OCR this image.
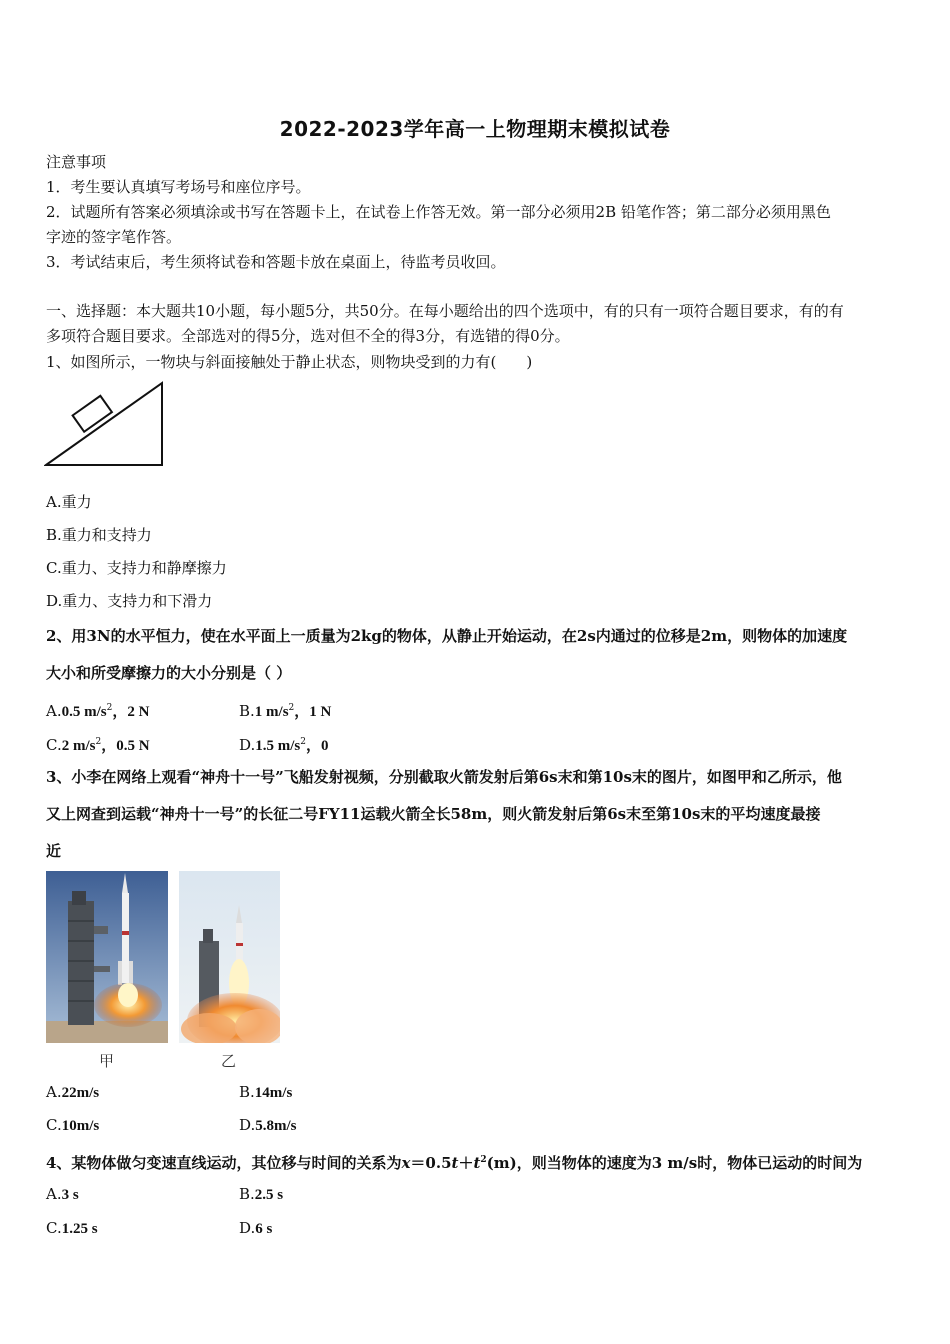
2022-2023学年高一上物理期末模拟试卷
注意事项
1．考生要认真填写考场号和座位序号。
2．试题所有答案必须填涂或书写在答题卡上，在试卷上作答无效。第一部分必须用2B 铅笔作答；第二部分必须用黑色
字迹的签字笔作答。
3．考试结束后，考生须将试卷和答题卡放在桌面上，待监考员收回。
一、选择题：本大题共10小题，每小题5分，共50分。在每小题给出的四个选项中，有的只有一项符合题目要求，有的有
多项符合题目要求。全部选对的得5分，选对但不全的得3分，有选错的得0分。
1、如图所示，一物块与斜面接触处于静止状态，则物块受到的力有(　　)
A.重力
B.重力和支持力
C.重力、支持力和静摩擦力
D.重力、支持力和下滑力
2、用3N的水平恒力，使在水平面上一质量为2kg的物体，从静止开始运动，在2s内通过的位移是2m，则物体的加速度
大小和所受摩擦力的大小分别是（ ）
A.0.5 $m/s^2$，2 N	B.1 $m/s^2$，1 N
C.2 $m/s^2$，0.5 N	D.1.5 $m/s^2$，0
3、小李在网络上观看“神舟十一号”飞船发射视频，分别截取火箭发射后第6s末和第10s末的图片，如图甲和乙所示，他
又上网查到运载“神舟十一号”的长征二号FY11运载火箭全长58m，则火箭发射后第6s末至第10s末的平均速度最接
近
甲	乙
A.22m/s	B.14m/s
C.10m/s	D.5.8m/s
4、某物体做匀变速直线运动，其位移与时间的关系为$x=0.5t+t^2(m)$，则当物体的速度为3 m/s时，物体已运动的时间为
A.3 s	B.2.5 s
C.1.25 s	D.6 s
